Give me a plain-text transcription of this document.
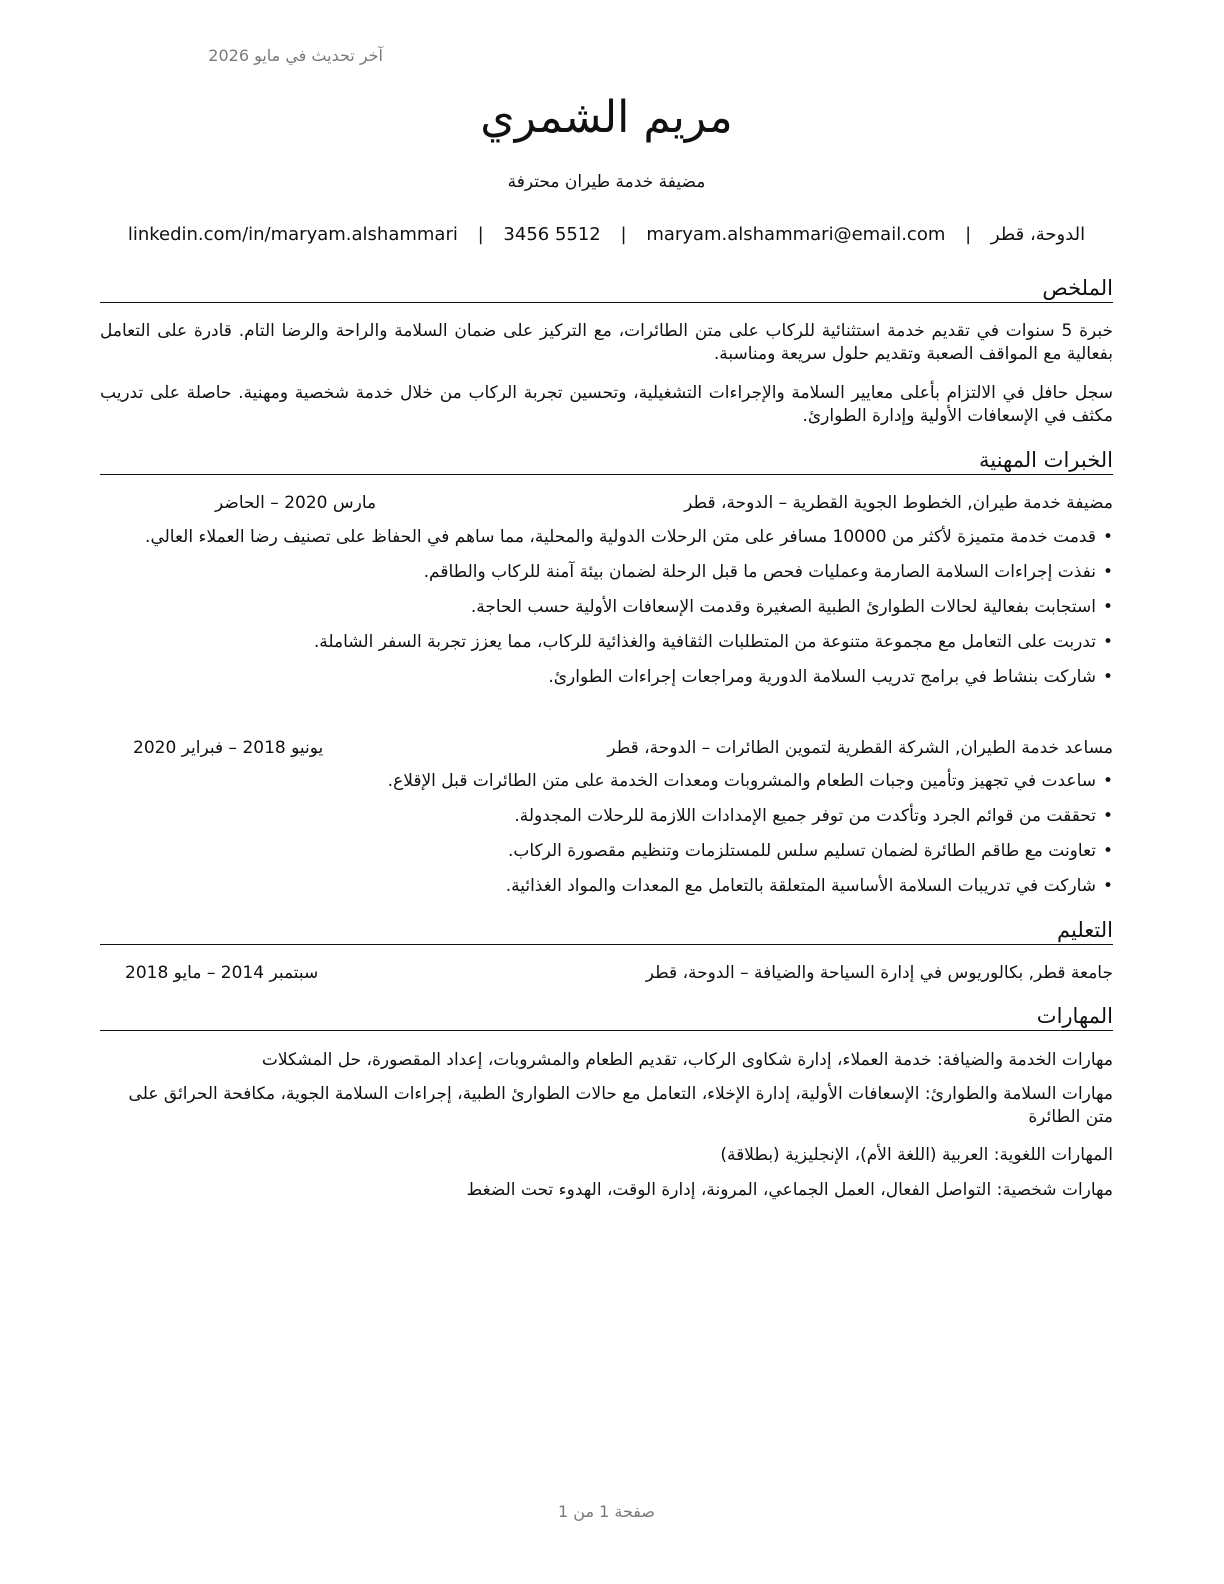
آخر تحديث في مايو 2026
مريم الشمري
مضيفة خدمة طيران محترفة
الدوحة، قطر | maryam.alshammari@email.com | 3456 5512 | linkedin.com/in/maryam.alshammari
الملخص
خبرة 5 سنوات في تقديم خدمة استثنائية للركاب على متن الطائرات، مع التركيز على ضمان السلامة والراحة والرضا التام. قادرة على التعامل بفعالية مع المواقف الصعبة وتقديم حلول سريعة ومناسبة.
سجل حافل في الالتزام بأعلى معايير السلامة والإجراءات التشغيلية، وتحسين تجربة الركاب من خلال خدمة شخصية ومهنية. حاصلة على تدريب مكثف في الإسعافات الأولية وإدارة الطوارئ.
الخبرات المهنية
مضيفة خدمة طيران, الخطوط الجوية القطرية – الدوحة، قطر
مارس 2020 – الحاضر
• قدمت خدمة متميزة لأكثر من 10000 مسافر على متن الرحلات الدولية والمحلية، مما ساهم في الحفاظ على تصنيف رضا العملاء العالي.
• نفذت إجراءات السلامة الصارمة وعمليات فحص ما قبل الرحلة لضمان بيئة آمنة للركاب والطاقم.
• استجابت بفعالية لحالات الطوارئ الطبية الصغيرة وقدمت الإسعافات الأولية حسب الحاجة.
• تدربت على التعامل مع مجموعة متنوعة من المتطلبات الثقافية والغذائية للركاب، مما يعزز تجربة السفر الشاملة.
• شاركت بنشاط في برامج تدريب السلامة الدورية ومراجعات إجراءات الطوارئ.
مساعد خدمة الطيران, الشركة القطرية لتموين الطائرات – الدوحة، قطر
يونيو 2018 – فبراير 2020
• ساعدت في تجهيز وتأمين وجبات الطعام والمشروبات ومعدات الخدمة على متن الطائرات قبل الإقلاع.
• تحققت من قوائم الجرد وتأكدت من توفر جميع الإمدادات اللازمة للرحلات المجدولة.
• تعاونت مع طاقم الطائرة لضمان تسليم سلس للمستلزمات وتنظيم مقصورة الركاب.
• شاركت في تدريبات السلامة الأساسية المتعلقة بالتعامل مع المعدات والمواد الغذائية.
التعليم
جامعة قطر, بكالوريوس في إدارة السياحة والضيافة – الدوحة، قطر
سبتمبر 2014 – مايو 2018
المهارات
مهارات الخدمة والضيافة: خدمة العملاء، إدارة شكاوى الركاب، تقديم الطعام والمشروبات، إعداد المقصورة، حل المشكلات
مهارات السلامة والطوارئ: الإسعافات الأولية، إدارة الإخلاء، التعامل مع حالات الطوارئ الطبية، إجراءات السلامة الجوية، مكافحة الحرائق على متن الطائرة
المهارات اللغوية: العربية (اللغة الأم)، الإنجليزية (بطلاقة)
مهارات شخصية: التواصل الفعال، العمل الجماعي، المرونة، إدارة الوقت، الهدوء تحت الضغط
صفحة 1 من 1
